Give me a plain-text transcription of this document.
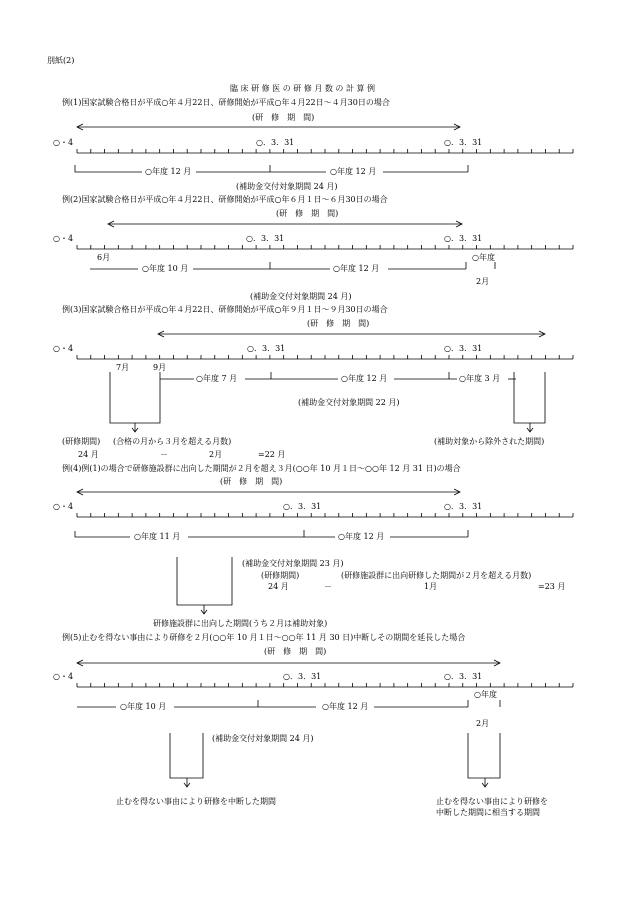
別紙(2)
臨 床 研 修 医 の 研 修 月 数 の 計 算 例
例(1)国家試験合格日が平成○年４月22日、研修開始が平成○年４月22日～４月30日の場合
(研　修　期　間)
○・4	○．3．31	○．3．31
○年度 12 月	○年度 12 月
(補助金交付対象期間 24 月)
例(2)国家試験合格日が平成○年４月22日、研修開始が平成○年６月１日～６月30日の場合
(研　修　期　間)
○・4	○．3．31	○．3．31
6月
○年度 10 月	○年度 12 月
○年度
2月
(補助金交付対象期間 24 月)
例(3)国家試験合格日が平成○年４月22日、研修開始が平成○年９月１日～９月30日の場合
(研　修　期　間)
○・4	○．3．31	○．3．31
7月	9月
○年度 7 月	○年度 12 月	○年度 3 月
(補助金交付対象期間 22 月)
(研修期間) (合格の月から３月を超える月数)	(補助対象から除外された期間)
24 月	－	2月	=22 月
例(4)例(1)の場合で研修施設群に出向した期間が２月を超え３月(○○年 10 月１日～○○年 12 月 31 日)の場合
(研　修　期　間)
○・4	○．3．31	○．3．31
○年度 11 月	○年度 12 月
(補助金交付対象期間 23 月)
(研修期間)	(研修施設群に出向研修した期間が２月を超える月数)
24 月	－	1月	=23 月
研修施設群に出向した期間(うち２月は補助対象)
例(5)止むを得ない事由により研修を２月(○○年 10 月１日～○○年 11 月 30 日)中断しその期間を延長した場合
(研　修　期　間)
○・4	○．3．31	○．3．31
○年度 10 月	○年度 12 月
○年度
2月
(補助金交付対象期間 24 月)
止むを得ない事由により研修を中断した期間	止むを得ない事由により研修を
中断した期間に相当する期間
